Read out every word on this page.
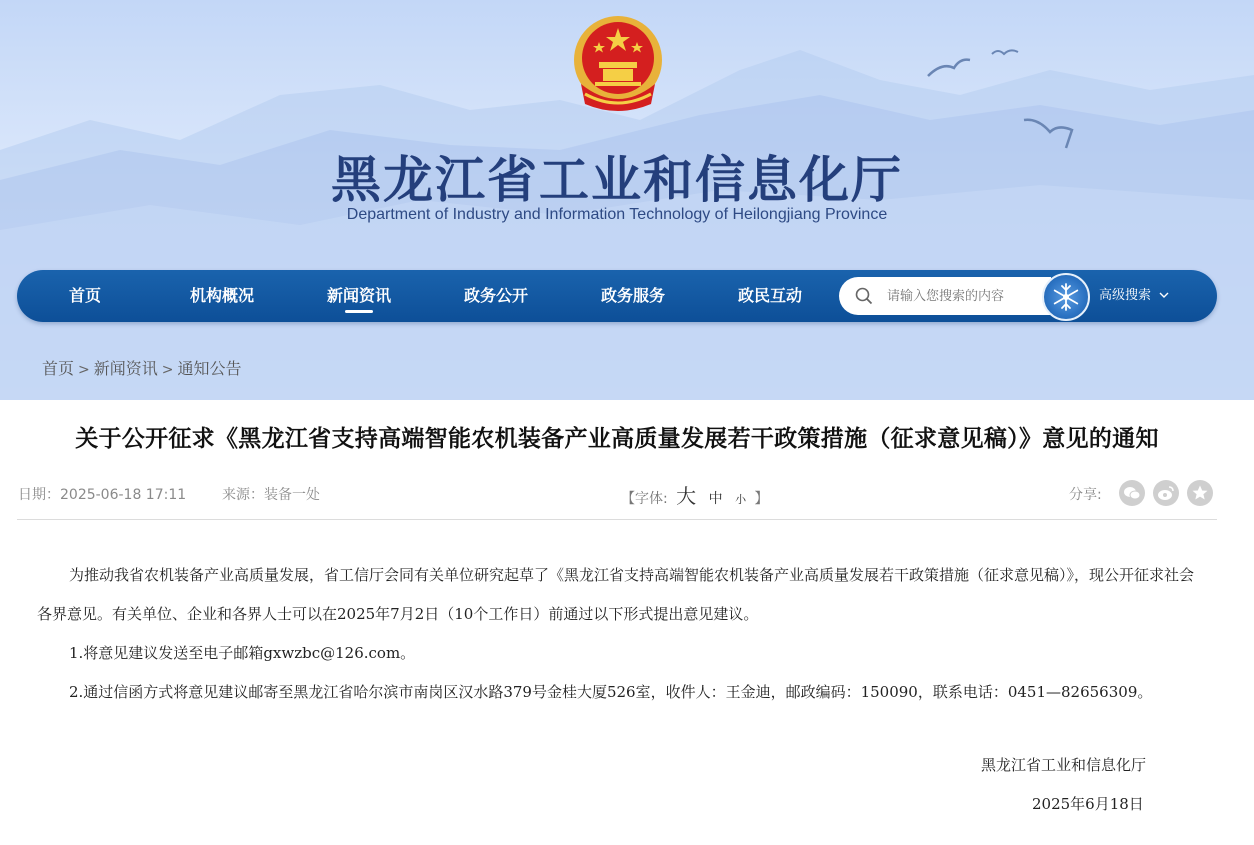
黑龙江省工业和信息化厅
Department of Industry and Information Technology of Heilongjiang Province
首页	机构概况	新闻资讯	政务公开	政务服务	政民互动
请输入您搜索的内容	高级搜索
首页 > 新闻资讯 > 通知公告
关于公开征求《黑龙江省支持高端智能农机装备产业高质量发展若干政策措施（征求意见稿）》意见的通知
日期：2025-06-18 17:11	来源：装备一处	【字体: 大 中 小 】	分享:

为推动我省农机装备产业高质量发展，省工信厅会同有关单位研究起草了《黑龙江省支持高端智能农机装备产业高质量发展若干政策措施（征求意见稿）》，现公开征求社会各界意见。有关单位、企业和各界人士可以在2025年7月2日（10个工作日）前通过以下形式提出意见建议。

1.将意见建议发送至电子邮箱gxwzbc@126.com。

2.通过信函方式将意见建议邮寄至黑龙江省哈尔滨市南岗区汉水路379号金桂大厦526室，收件人：王金迪，邮政编码：150090，联系电话：0451—82656309。

黑龙江省工业和信息化厅
2025年6月18日
